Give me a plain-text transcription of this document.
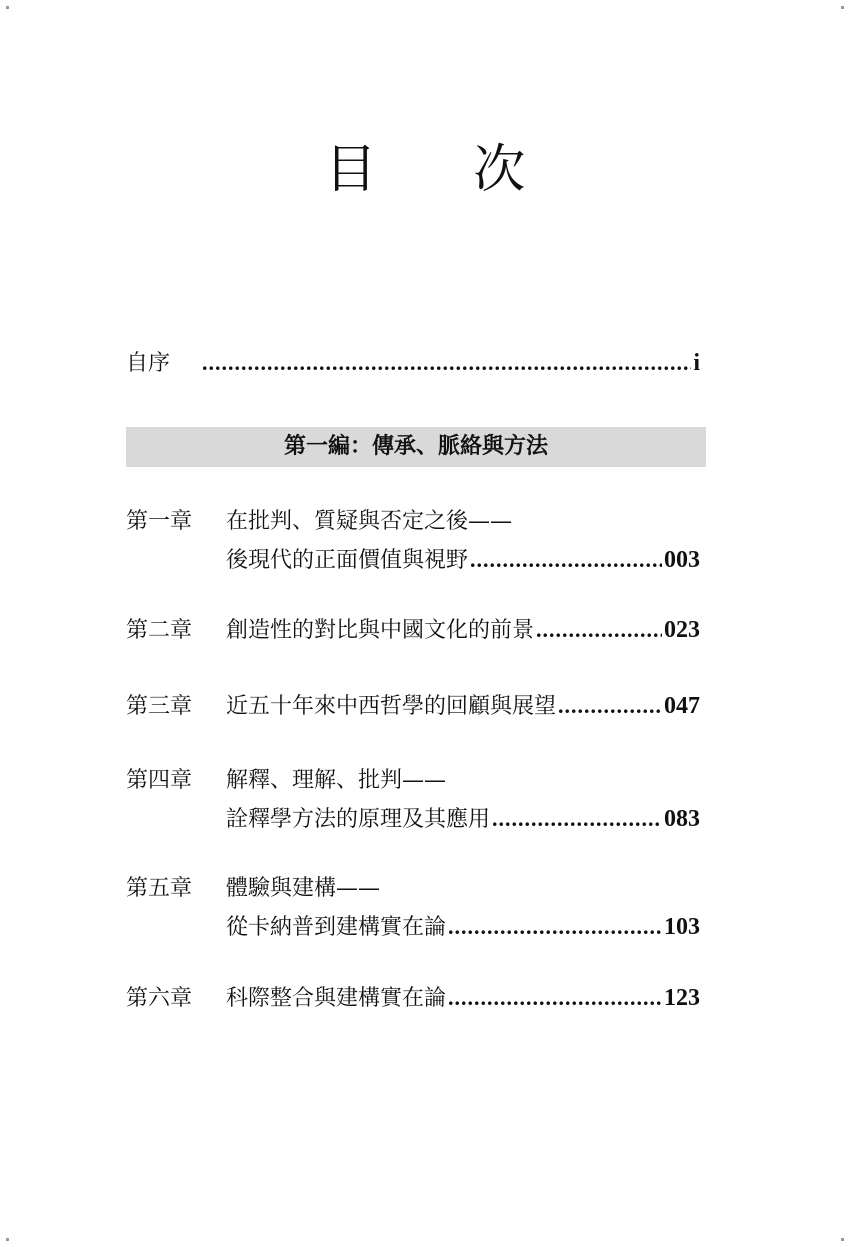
目 次
自序 .....	i
第一編：傳承、脈絡與方法
第一章	在批判、質疑與否定之後——
後現代的正面價值與視野 .....	003
第二章	創造性的對比與中國文化的前景 .....	023
第三章	近五十年來中西哲學的回顧與展望 .....	047
第四章	解釋、理解、批判——
詮釋學方法的原理及其應用 .....	083
第五章	體驗與建構——
從卡納普到建構實在論 .....	103
第六章	科際整合與建構實在論 .....	123
